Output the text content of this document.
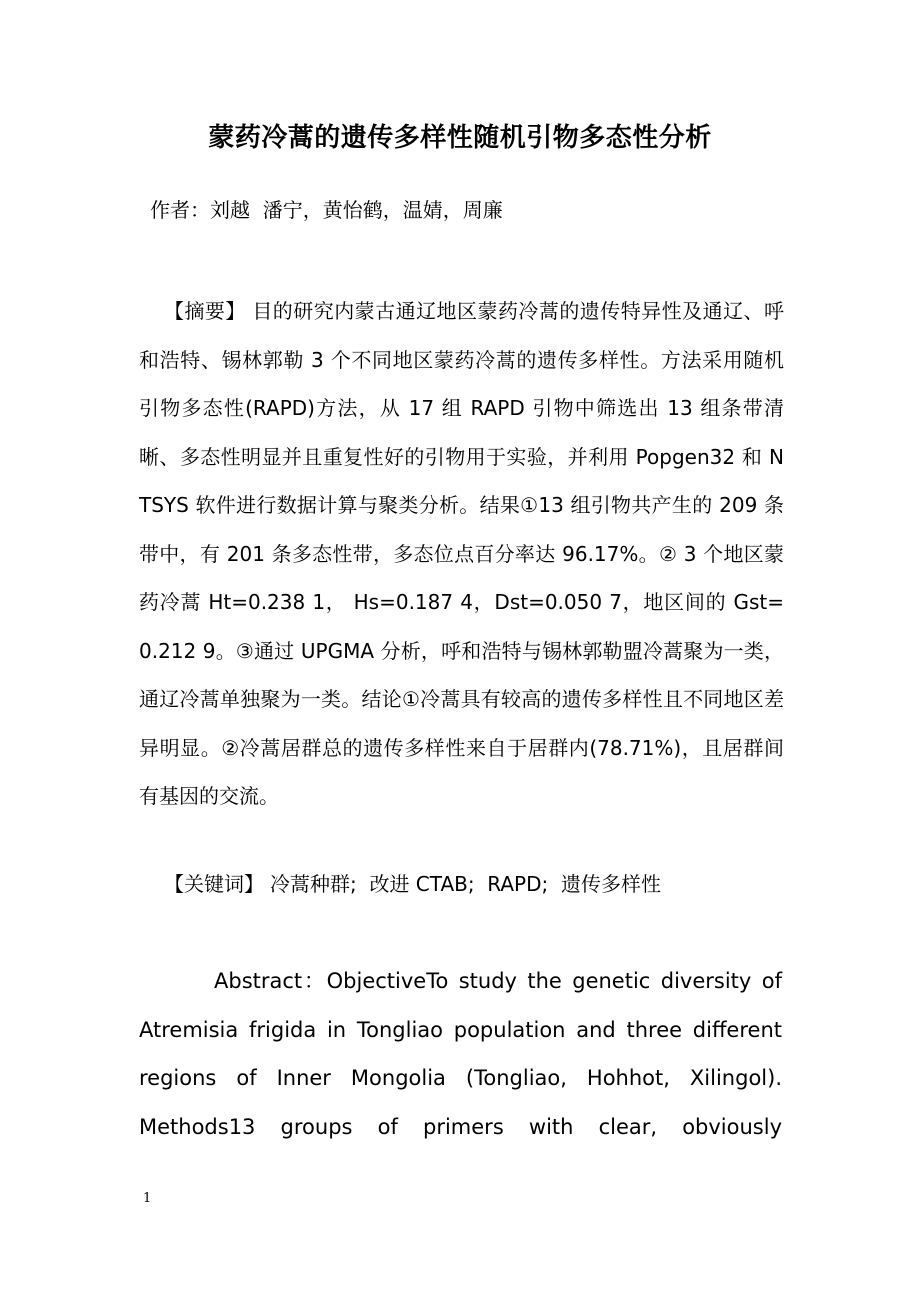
蒙药冷蒿的遗传多样性随机引物多态性分析
作者：刘越  潘宁，黄怡鹤，温婧，周廉

【摘要】 目的研究内蒙古通辽地区蒙药冷蒿的遗传特异性及通辽、呼和浩特、锡林郭勒 3 个不同地区蒙药冷蒿的遗传多样性。方法采用随机引物多态性(RAPD)方法，从 17 组 RAPD 引物中筛选出 13 组条带清晰、多态性明显并且重复性好的引物用于实验，并利用 Popgen32 和 NTSYS 软件进行数据计算与聚类分析。结果①13 组引物共产生的 209 条带中，有 201 条多态性带，多态位点百分率达 96.17%。② 3 个地区蒙药冷蒿 Ht=0.238 1， Hs=0.187 4，Dst=0.050 7，地区间的 Gst=0.212 9。③通过 UPGMA 分析，呼和浩特与锡林郭勒盟冷蒿聚为一类，通辽冷蒿单独聚为一类。结论①冷蒿具有较高的遗传多样性且不同地区差异明显。②冷蒿居群总的遗传多样性来自于居群内(78.71%)，且居群间有基因的交流。

【关键词】 冷蒿种群;  改进 CTAB;  RAPD;  遗传多样性

Abstract：ObjectiveTo study the genetic diversity of Atremisia frigida in Tongliao population and three different regions of Inner Mongolia (Tongliao, Hohhot, Xilingol). Methods13 groups of primers with clear, obviously

1
